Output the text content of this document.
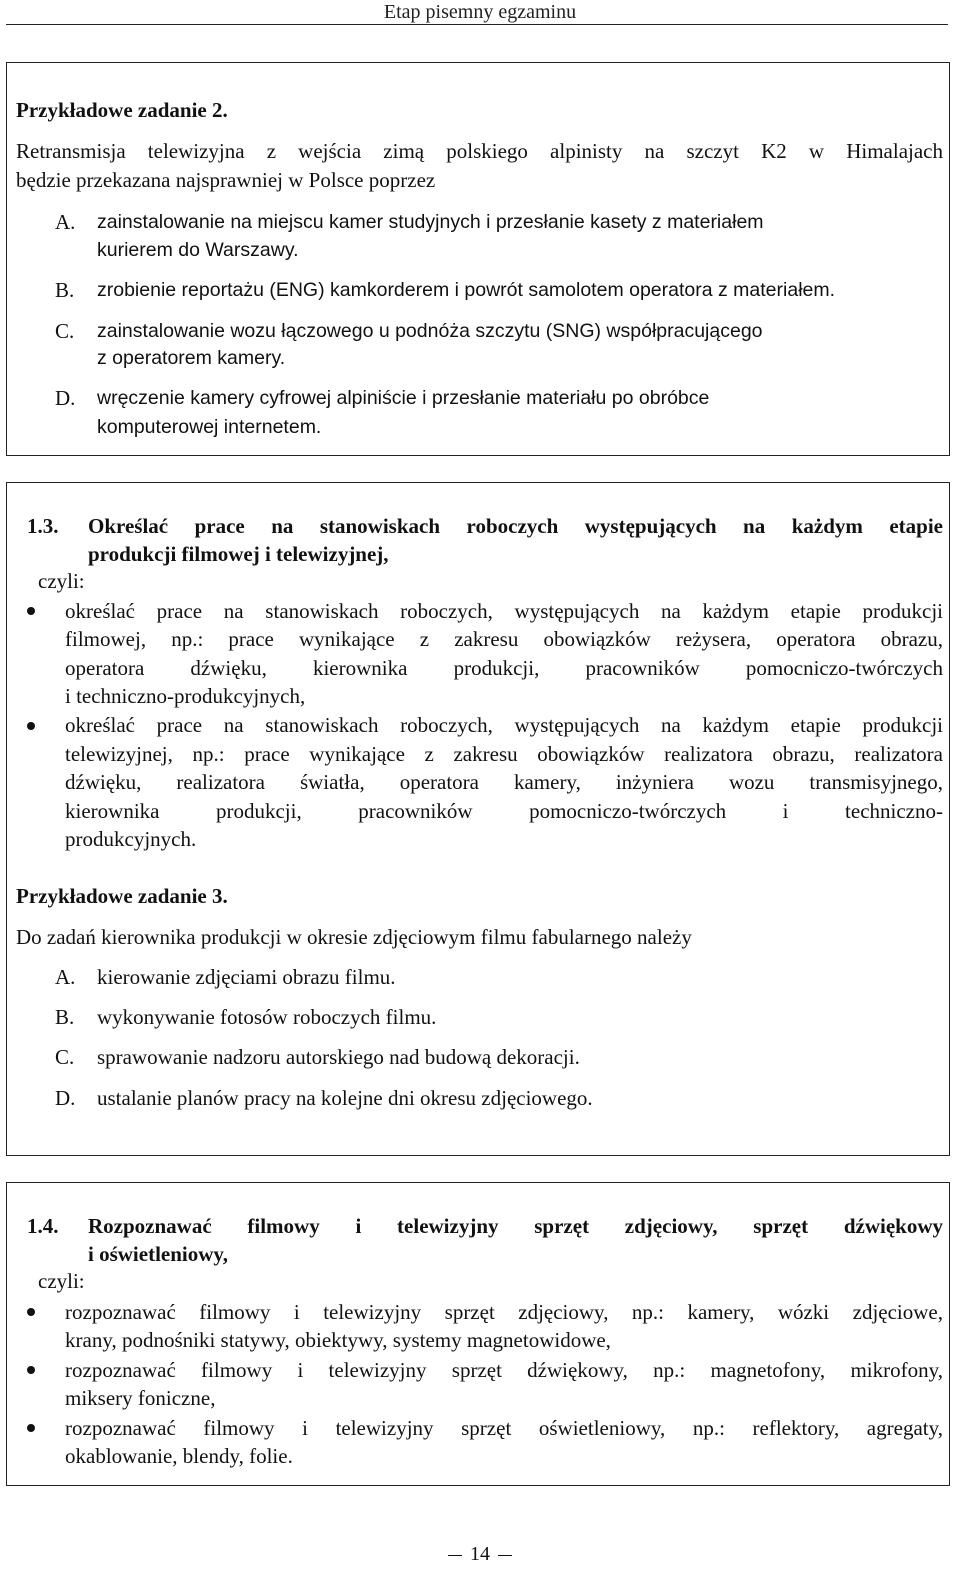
Etap pisemny egzaminu
Przykładowe zadanie 2.
Retransmisja telewizyjna z wejścia zimą polskiego alpinisty na szczyt K2 w Himalajach
będzie przekazana najsprawniej w Polsce poprzez
A. zainstalowanie na miejscu kamer studyjnych i przesłanie kasety z materiałem
kurierem do Warszawy.
B. zrobienie reportażu (ENG) kamkorderem i powrót samolotem operatora z materiałem.
C. zainstalowanie wozu łączowego u podnóża szczytu (SNG) współpracującego
z operatorem kamery.
D. wręczenie kamery cyfrowej alpiniście i przesłanie materiału po obróbce
komputerowej internetem.
1.3. Określać prace na stanowiskach roboczych występujących na każdym etapie
produkcji filmowej i telewizyjnej,
czyli:
określać prace na stanowiskach roboczych, występujących na każdym etapie produkcji
filmowej, np.: prace wynikające z zakresu obowiązków reżysera, operatora obrazu,
operatora dźwięku, kierownika produkcji, pracowników pomocniczo-twórczych
i techniczno-produkcyjnych,
określać prace na stanowiskach roboczych, występujących na każdym etapie produkcji
telewizyjnej, np.: prace wynikające z zakresu obowiązków realizatora obrazu, realizatora
dźwięku, realizatora światła, operatora kamery, inżyniera wozu transmisyjnego,
kierownika produkcji, pracowników pomocniczo-twórczych i techniczno-
produkcyjnych.
Przykładowe zadanie 3.
Do zadań kierownika produkcji w okresie zdjęciowym filmu fabularnego należy
A. kierowanie zdjęciami obrazu filmu.
B. wykonywanie fotosów roboczych filmu.
C. sprawowanie nadzoru autorskiego nad budową dekoracji.
D. ustalanie planów pracy na kolejne dni okresu zdjęciowego.
1.4. Rozpoznawać filmowy i telewizyjny sprzęt zdjęciowy, sprzęt dźwiękowy
i oświetleniowy,
czyli:
rozpoznawać filmowy i telewizyjny sprzęt zdjęciowy, np.: kamery, wózki zdjęciowe,
krany, podnośniki statywy, obiektywy, systemy magnetowidowe,
rozpoznawać filmowy i telewizyjny sprzęt dźwiękowy, np.: magnetofony, mikrofony,
miksery foniczne,
rozpoznawać filmowy i telewizyjny sprzęt oświetleniowy, np.: reflektory, agregaty,
okablowanie, blendy, folie.
14
